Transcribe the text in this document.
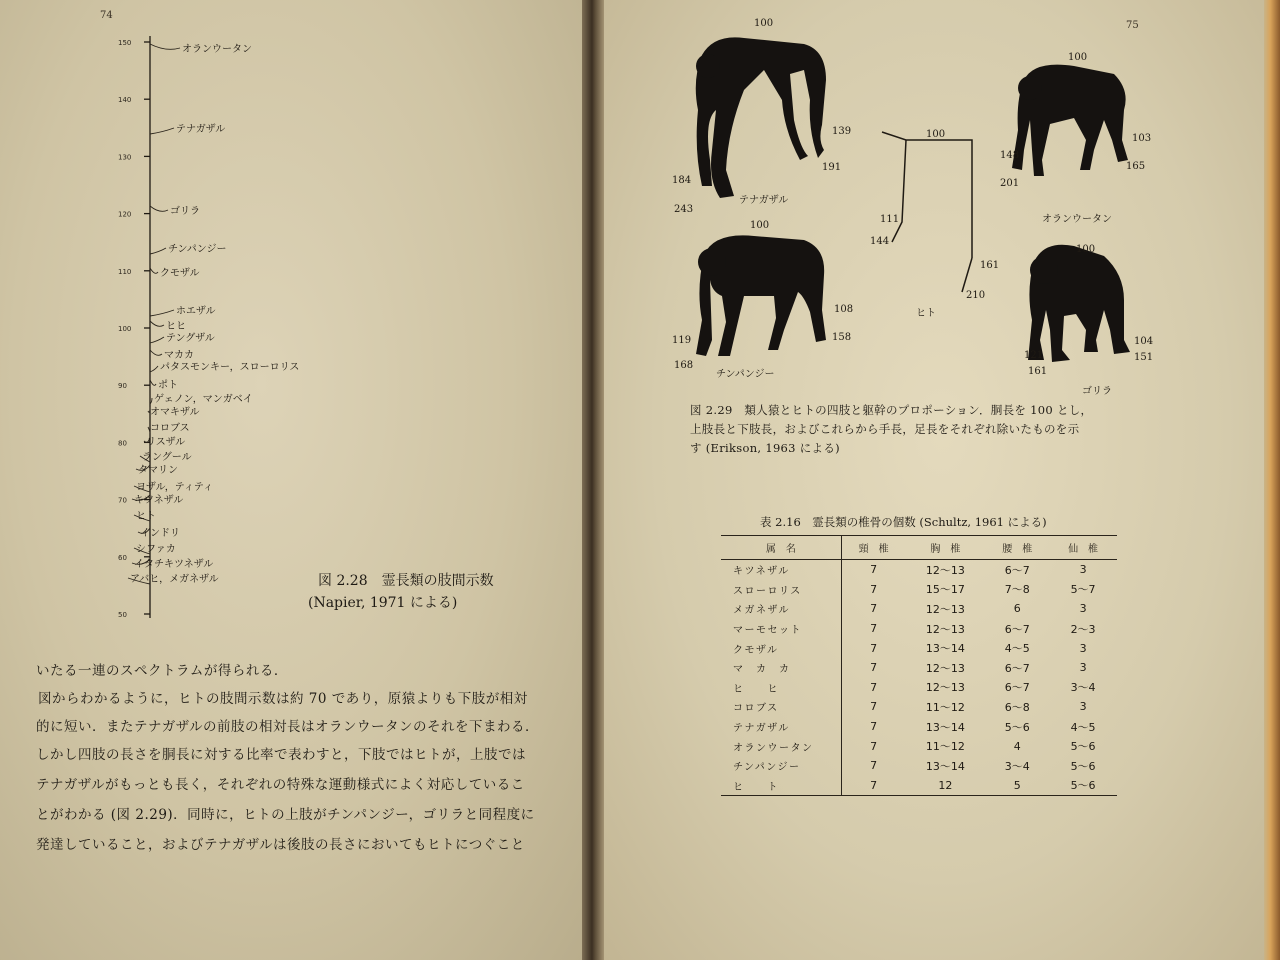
74
150
140
130
120
110
100
90
80
70
60
50
オランウータン
テナガザル
ゴリラ
チンパンジー
クモザル
ホエザル
ヒヒ
テングザル
マカカ
パタスモンキー，スローロリス
ポト
ゲェノン，マンガベイ
オマキザル
コロブス
リスザル
ラングール
タマリン
ヨザル，ティティ
キツネザル
ヒト
インドリ
シファカ
イタチキツネザル
アバヒ，メガネザル	図 2.28　霊長類の肢間示数
(Napier, 1971 による)
いたる一連のスペクトラムが得られる．
図からわかるように，ヒトの肢間示数は約 70 であり，原猿よりも下肢が相対
的に短い．またテナガザルの前肢の相対長はオランウータンのそれを下まわる．
しかし四肢の長さを胴長に対する比率で表わすと，下肢ではヒトが，上肢では
テナガザルがもっとも長く，それぞれの特殊な運動様式によく対応しているこ
とがわかる (図 2.29)．同時に，ヒトの上肢がチンパンジー，ゴリラと同程度に
発達していること，およびテナガザルは後肢の長さにおいてもヒトにつぐこと
75
100
139
191
184
243
テナガザル
100
111
144
161
210
ヒト
100
103
165
148
201
オランウータン
100
108
158
119
168
チンパンジー
100
104
151
121
161
ゴリラ
図 2.29　類人猿とヒトの四肢と躯幹のプロポーション．胴長を 100 とし，
上肢長と下肢長，およびこれらから手長，足長をそれぞれ除いたものを示
す (Erikson, 1963 による)
表 2.16　霊長類の椎骨の個数 (Schultz, 1961 による)
属　名	頸　椎	胸　椎	腰　椎	仙　椎
キツネザル	7	12～13	6～7	3
スローロリス	7	15～17	7～8	5～7
メガネザル	7	12～13	6	3
マーモセット	7	12～13	6～7	2～3
クモザル	7	13～14	4～5	3
マ　カ　カ	7	12～13	6～7	3
ヒ　　ヒ	7	12～13	6～7	3～4
コロブス	7	11～12	6～8	3
テナガザル	7	13～14	5～6	4～5
オランウータン	7	11～12	4	5～6
チンパンジー	7	13～14	3～4	5～6
ヒ　　ト	7	12	5	5～6
